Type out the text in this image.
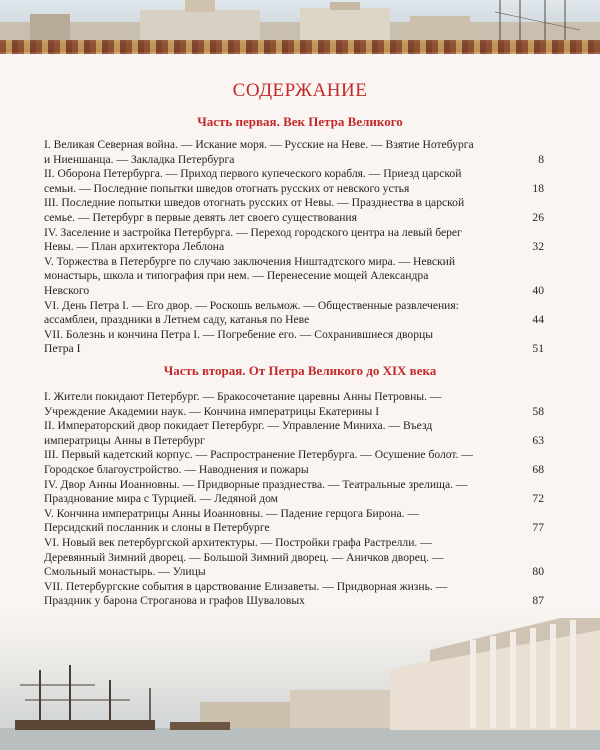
СОДЕРЖАНИЕ
Часть первая. Век Петра Великого
I. Великая Северная война. — Искание моря. — Русские на Неве. — Взятие Нотебурга
и Ниеншанца. — Закладка Петербурга	8
II. Оборона Петербурга. — Приход первого купеческого корабля. — Приезд царской
семьи. — Последние попытки шведов отогнать русских от невского устья	18
III. Последние попытки шведов отогнать русских от Невы. — Празднества в царской
семье. — Петербург в первые девять лет своего существования	26
IV. Заселение и застройка Петербурга. — Переход городского центра на левый берег
Невы. — План архитектора Леблона	32
V. Торжества в Петербурге по случаю заключения Ништадтского мира. — Невский
монастырь, школа и типография при нем. — Перенесение мощей Александра
Невского	40
VI. День Петра I. — Его двор. — Роскошь вельмож. — Общественные развлечения:
ассамблеи, праздники в Летнем саду, катанья по Неве	44
VII. Болезнь и кончина Петра I. — Погребение его. — Сохранившиеся дворцы
Петра I	51
Часть вторая. От Петра Великого до XIX века
I. Жители покидают Петербург. — Бракосочетание царевны Анны Петровны. —
Учреждение Академии наук. — Кончина императрицы Екатерины I	58
II. Императорский двор покидает Петербург. — Управление Миниха. — Въезд
императрицы Анны в Петербург	63
III. Первый кадетский корпус. — Распространение Петербурга. — Осушение болот. —
Городское благоустройство. — Наводнения и пожары	68
IV. Двор Анны Иоанновны. — Придворные празднества. — Театральные зрелища. —
Празднование мира с Турцией. — Ледяной дом	72
V. Кончина императрицы Анны Иоанновны. — Падение герцога Бирона. —
Персидский посланник и слоны в Петербурге	77
VI. Новый век петербургской архитектуры. — Постройки графа Растрелли. —
Деревянный Зимний дворец. — Большой Зимний дворец. — Аничков дворец. —
Смольный монастырь. — Улицы	80
VII. Петербургские события в царствование Елизаветы. — Придворная жизнь. —
Праздник у барона Строганова и графов Шуваловых	87
